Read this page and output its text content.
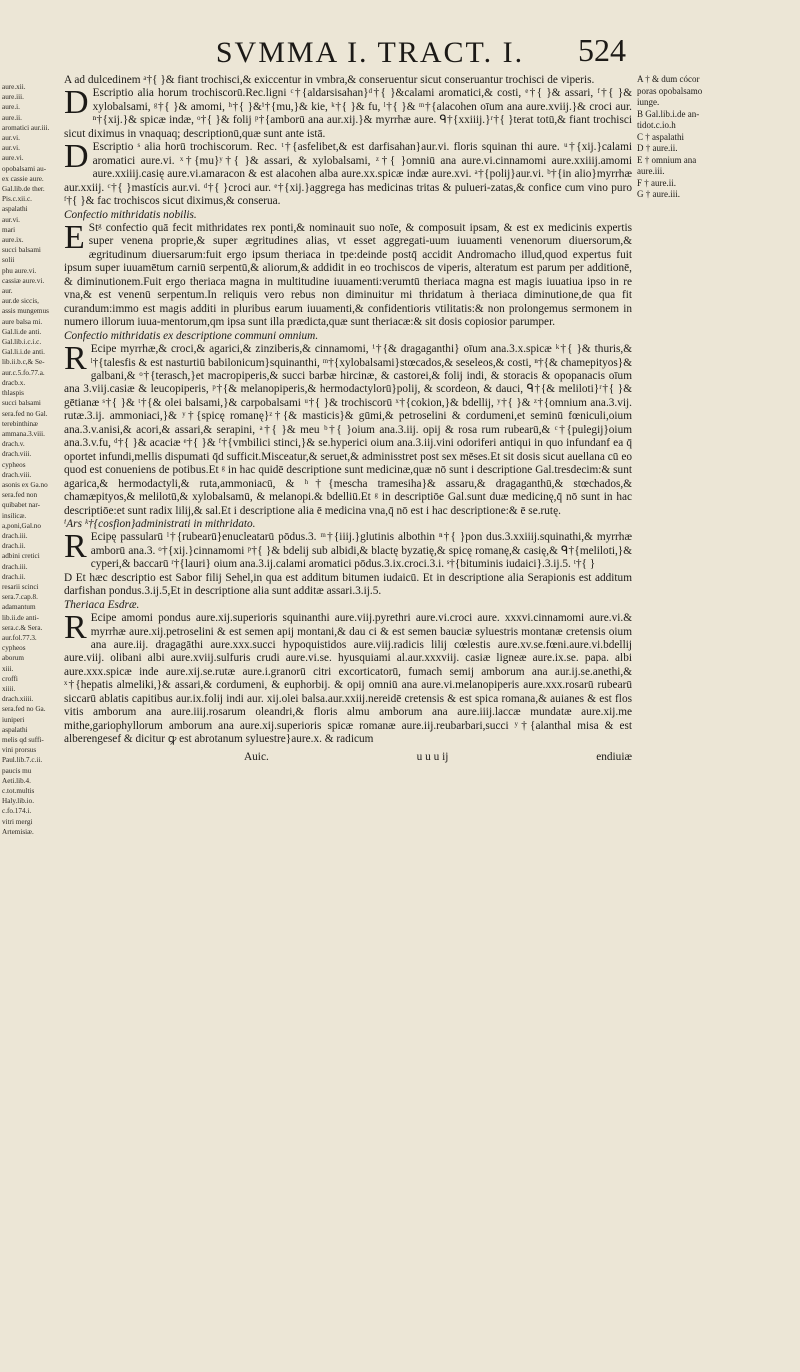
SVMMA I. TRACT. I.	524
aure.xii.
aure.iii.
aure.i.
aure.ii.
aromatici aur.iii.
aur.vi.
aur.vi.
aure.vi.
opobalsami au-
ex cassie aure.
Gal.lib.de ther.
Pis.c.xii.c.
aspalathi
aur.vi.
mari
aure.ix.
succi balsami
solii
phu aure.vi.
cassiæ aure.vi.
aur.
aur.de siccis,
assis mungemus
aure balsa mi.
Gal.li.de anti.
Gal.lib.i.c.i.c.
Gal.li.i.de anti.
lib.ii.b.c,& Se-
aur.c.5.fo.77.a.
dracb.x.
thlaspis
succi balsami
sera.fed no Gal.
terebinthinæ
ammana.3.viii.
drach.v.
drach.viii.
cypheos
drach.viii.
asonis ex Ga.no
sera.fed non
quibabet nar-
insilicæ.
a,poni,Gal.no
drach.iii.
drach.ii.
adbini cretici
drach.iii.
drach.ii.
resarii scinci
sera.7.cap.8.
adamantum
lib.ii.de anti-
sera.c.& Sera.
aur.fol.77.3.
cypheos
aborum
xiii.
croffi
xiiii.
drach.xiiii.
sera.fed no Ga.
iuniperi
aspalathi
melis qd suffi-
vini prorsus
Paul.lib.7.c.ii.
paucis mu
Aeti.lib.4.
c.tot.multis
Haly.lib.io.
c.fo.174.i.
vitri mergi
Artemisiæ.
A † & dum cócor
poras opobalsamo
iunge.
B Gal.lib.i.de an-
tidot.c.io.h
C † aspalathi
D † aure.ii.
E † omnium ana
aure.iii.
F † aure.ii.
G † aure.iii.

A ad dulcedinem ᵃ†{ }& fiant trochisci,& exiccentur in vmbra,& conseruentur sicut conseruantur trochisci de viperis.

D Escriptio alia horum trochiscorū.Rec.ligni ᶜ†{aldarsisahan}ᵈ†{ }&calami aromatici,& costi, ᵉ†{ }& assari, ᶠ†{ }& xylobalsami, ᵍ†{ }& amomi, ʰ†{ }&ⁱ†{mu,}& kie, ᵏ†{ }& fu, ˡ†{ }& ᵐ†{alacohen oīum ana aure.xviij.}& croci aur. ⁿ†{xij.}& spicæ indæ, ᵒ†{ }& folij ᵖ†{amborū ana aur.xij.}& myrrhæ aure. ᑫ†{xxiiij.}ʳ†{ }terat totū,& fiant trochisci sicut diximus in vnaquaq; descriptionū,quæ sunt ante istā.

D Escriptio ˢ alia horū trochiscorum. Rec. ᵗ†{asfelibet,& est darfisahan}aur.vi. floris squinan thi aure. ᵘ†{xij.}calami aromatici aure.vi. ˣ†{mu}ʸ†{ }& assari, & xylobalsami, ᶻ†{ }omniū ana aure.vi.cinnamomi aure.xxiiij.amomi aure.xxiiij.casię aure.vi.amaracon & est alacohen alba aure.xx.spicæ indæ aure.xvi. ᵃ†{polij}aur.vi. ᵇ†{in alio}myrrhæ aur.xxiij. ᶜ†{ }mastícis aur.vi. ᵈ†{ }croci aur. ᵉ†{xij.}aggrega has medicinas tritas & pulueri-zatas,& confice cum vino puro ᶠ†{ }& fac trochiscos sicut diximus,& conserua.

Confectio mithridatis nobilis.

E Stᵍ confectio quā fecit mithridates rex ponti,& nominauit suo noīe, & composuit ipsam, & est ex medicinis expertis super venena proprie,& super ægritudines alias, vt esset aggregati-uum iuuamenti venenorum diuersorum,& ægritudinum diuersarum:fuit ergo ipsum theriaca in tpe:deinde postq̄ accidit Andromacho illud,quod expertus fuit ipsum super iuuamētum carniū serpentū,& aliorum,& addidit in eo trochiscos de viperis, alteratum est parum per additionē, & diminutionem.Fuit ergo theriaca magna in multitudine iuuamenti:verumtū theriaca magna est magis iuuatiua ipso in re vna,& est venenū serpentum.In reliquis vero rebus non diminuitur mi thridatum à theriaca diminutione,de qua fit curandum:immo est magis additi in pluribus earum iuuamenti,& confidentioris vtilitatis:& non prolongemus sermonem in numero illorum iuua-mentorum,qm ipsa sunt illa prædicta,quæ sunt theriacæ:& sit dosis copiosior parumper.

Confectio mithridatis ex descriptione communi omnium.

R Ecipe myrrhæ,& croci,& agarici,& zinziberis,& cinnamomi, ⁱ†{& dragaganthi} oīum ana.3.x.spicæ ᵏ†{ }& thuris,& ˡ†{talesfis & est nasturtiū babilonicum}squinanthi, ᵐ†{xylobalsami}stœcados,& seseleos,& costi, ⁿ†{& chamepityos}& galbani,& ᵒ†{terasch,}et macropiperis,& succi barbæ hircinæ, & castorei,& folij indi, & storacis & opopanacis oīum ana 3.viij.casiæ & leucopiperis, ᵖ†{& melanopiperis,& hermodactylorū}polij, & scordeon, & dauci, ᑫ†{& meliloti}ʳ†{ }& gētianæ ˢ†{ }& ᵗ†{& olei balsami,}& carpobalsami ᵘ†{ }& trochiscorū ˣ†{cokion,}& bdellij, ʸ†{ }& ᶻ†{omnium ana.3.vij. rutæ.3.ij. ammoniaci,}& ʸ†{spicę romanę}ᶻ†{& masticis}& gūmi,& petroselini & cordumeni,et seminū fœniculi,oium ana.3.v.anisi,& acori,& assari,& serapini, ᵃ†{ }& meu ᵇ†{ }oium ana.3.iij. opij & rosa rum rubearū,& ᶜ†{pulegij}oium ana.3.v.fu, ᵈ†{ }& acaciæ ᵉ†{ }& ᶠ†{vmbilici stinci,}& se.hyperici oium ana.3.iij.vini odoriferi antiqui in quo infundanf ea q̄ oportet infundi,mellis dispumati q̄d sufficit.Misceatur,& seruet,& adminisstret post sex mēses.Et sit dosis sicut auellana cū eo quod est conueniens de potibus.Et ᵍ in hac quidē descriptione sunt medicinæ,quæ nō sunt i descriptione Gal.tresdecim:& sunt agarica,& hermodactyli,& ruta,ammoniacū, & ʰ†{mescha tramesiha}& assaru,& dragaganthū,& stœchados,& chamæpityos,& melilotū,& xylobalsamū, & melanopi.& bdelliū.Et ᵍ in descriptiōe Gal.sunt duæ medicinę,q̄ nō sunt in hac descriptiōe:et sunt radix lilij,& sal.Et i descriptione alia ē medicina vna,q̄ nō est i hac descriptione:& ē se.rutę.

ⁱArs ᵏ†{cosfion}administrati in mithridato.

R Ecipę passularū ˡ†{rubearū}enucleatarū pōdus.3. ᵐ†{iiij.}glutinis albothin ⁿ†{ }pon dus.3.xxiiij.squinathi,& myrrhæ amborū ana.3. ᵒ†{xij.}cinnamomi ᵖ†{ }& bdelij sub albidi,& blactę byzatię,& spicę romanę,& casię,& ᑫ†{meliloti,}& cyperi,& baccarū ʳ†{lauri} oium ana.3.ij.calami aromatici pōdus.3.ix.croci.3.i. ˢ†{bituminis iudaici}.3.ij.5. ᵗ†{ }

D Et hæc descriptio est Sabor filij Sehel,in qua est additum bitumen iudaicū. Et in descriptione alia Serapionis est additum darfishan pondus.3.ij.5,Et in descriptione alia sunt additæ assari.3.ij.5.

Theriaca Esdræ.

R Ecipe amomi pondus aure.xij.superioris squinanthi aure.viij.pyrethri aure.vi.croci aure. xxxvi.cinnamomi aure.vi.& myrrhæ aure.xij.petroselini & est semen apij montani,& dau ci & est semen bauciæ syluestris montanæ cretensis oium ana aure.iij. dragagāthi aure.xxx.succi hypoquistidos aure.viij.radicis lilij cœlestis aure.xv.se.fœni.aure.vi.bdellij aure.viij. olibani albi aure.xviij.sulfuris crudi aure.vi.se. hyusquiami al.aur.xxxviij. casiæ ligneæ aure.ix.se. papa. albi aure.xxx.spicæ inde aure.xij.se.rutæ aure.i.granorū citri excorticatorū, fumach semij amborum ana aur.ij.se.anethi,& ˣ†{hepatis almeliki,}& assari,& cordumeni, & euphorbij. & opij omniū ana aure.vi.melanopiperis aure.xxx.rosarū rubearū siccarū ablatis capitibus aur.ix.folij indi aur. xij.olei balsa.aur.xxiij.nereidē cretensis & est spica romana,& auianes & est flos vitis amborum ana aure.iiij.rosarum oleandri,& floris almu amborum ana aure.iiij.laccæ mundatæ aure.xij.me mithe,gariophyllorum amborum ana aure.xij.superioris spicæ romanæ aure.iij.reubarbari,succi ʸ†{alanthal misa & est alberengesef & dicitur ꝙ est abrotanum syluestre}aure.x. & radicum

Auic.	u u u ij	endiuiæ
